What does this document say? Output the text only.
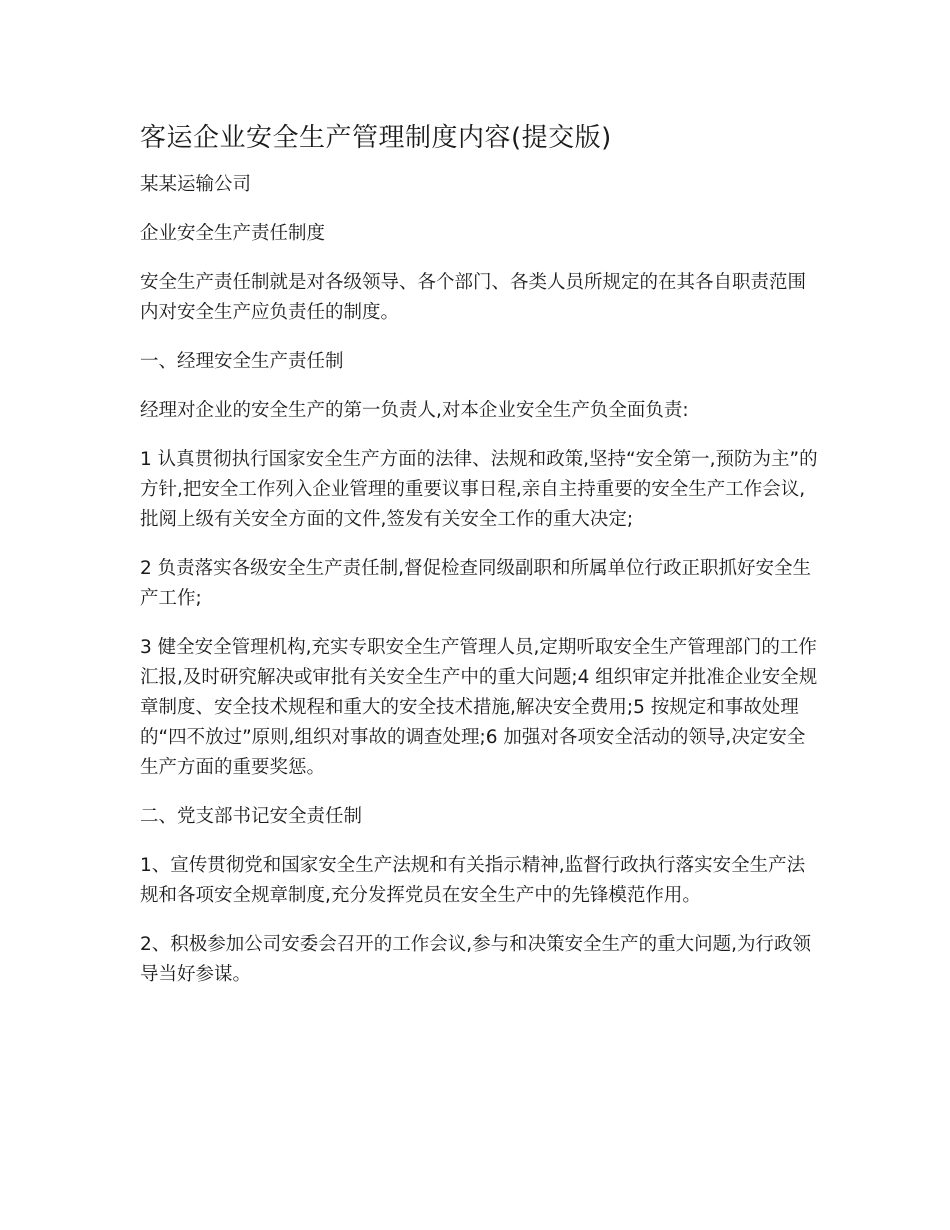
客运企业安全生产管理制度内容(提交版)

某某运输公司

企业安全生产责任制度

安全生产责任制就是对各级领导、各个部门、各类人员所规定的在其各自职责范围内对安全生产应负责任的制度。

一、经理安全生产责任制

经理对企业的安全生产的第一负责人,对本企业安全生产负全面负责:

1 认真贯彻执行国家安全生产方面的法律、法规和政策,坚持“安全第一,预防为主”的方针,把安全工作列入企业管理的重要议事日程,亲自主持重要的安全生产工作会议,批阅上级有关安全方面的文件,签发有关安全工作的重大决定;

2 负责落实各级安全生产责任制,督促检查同级副职和所属单位行政正职抓好安全生产工作;

3 健全安全管理机构,充实专职安全生产管理人员,定期听取安全生产管理部门的工作汇报,及时研究解决或审批有关安全生产中的重大问题;4 组织审定并批准企业安全规章制度、安全技术规程和重大的安全技术措施,解决安全费用;5 按规定和事故处理的“四不放过”原则,组织对事故的调查处理;6 加强对各项安全活动的领导,决定安全生产方面的重要奖惩。

二、党支部书记安全责任制

1、宣传贯彻党和国家安全生产法规和有关指示精神,监督行政执行落实安全生产法规和各项安全规章制度,充分发挥党员在安全生产中的先锋模范作用。

2、积极参加公司安委会召开的工作会议,参与和决策安全生产的重大问题,为行政领导当好参谋。
